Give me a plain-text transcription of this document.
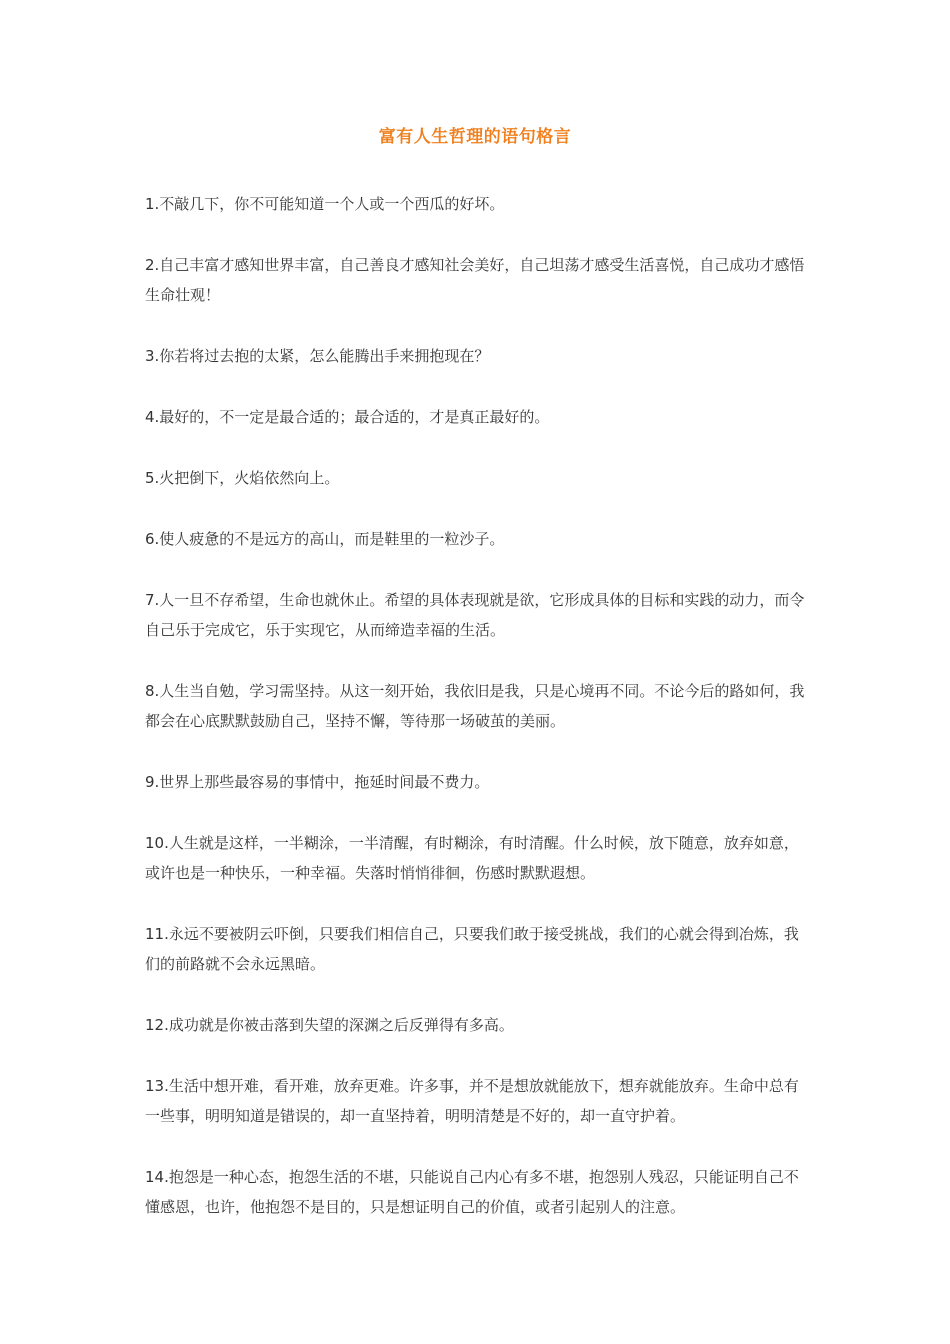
富有人生哲理的语句格言

1.不敲几下，你不可能知道一个人或一个西瓜的好坏。

2.自己丰富才感知世界丰富，自己善良才感知社会美好，自己坦荡才感受生活喜悦，自己成功才感悟生命壮观！

3.你若将过去抱的太紧，怎么能腾出手来拥抱现在？

4.最好的，不一定是最合适的；最合适的，才是真正最好的。

5.火把倒下，火焰依然向上。

6.使人疲惫的不是远方的高山，而是鞋里的一粒沙子。

7.人一旦不存希望，生命也就休止。希望的具体表现就是欲，它形成具体的目标和实践的动力，而令自己乐于完成它，乐于实现它，从而缔造幸福的生活。

8.人生当自勉，学习需坚持。从这一刻开始，我依旧是我，只是心境再不同。不论今后的路如何，我都会在心底默默鼓励自己，坚持不懈，等待那一场破茧的美丽。

9.世界上那些最容易的事情中，拖延时间最不费力。

10.人生就是这样，一半糊涂，一半清醒，有时糊涂，有时清醒。什么时候，放下随意，放弃如意，或许也是一种快乐，一种幸福。失落时悄悄徘徊，伤感时默默遐想。

11.永远不要被阴云吓倒，只要我们相信自己，只要我们敢于接受挑战，我们的心就会得到冶炼，我们的前路就不会永远黑暗。

12.成功就是你被击落到失望的深渊之后反弹得有多高。

13.生活中想开难，看开难，放弃更难。许多事，并不是想放就能放下，想弃就能放弃。生命中总有一些事，明明知道是错误的，却一直坚持着，明明清楚是不好的，却一直守护着。

14.抱怨是一种心态，抱怨生活的不堪，只能说自己内心有多不堪，抱怨别人残忍，只能证明自己不懂感恩，也许，他抱怨不是目的，只是想证明自己的价值，或者引起别人的注意。
